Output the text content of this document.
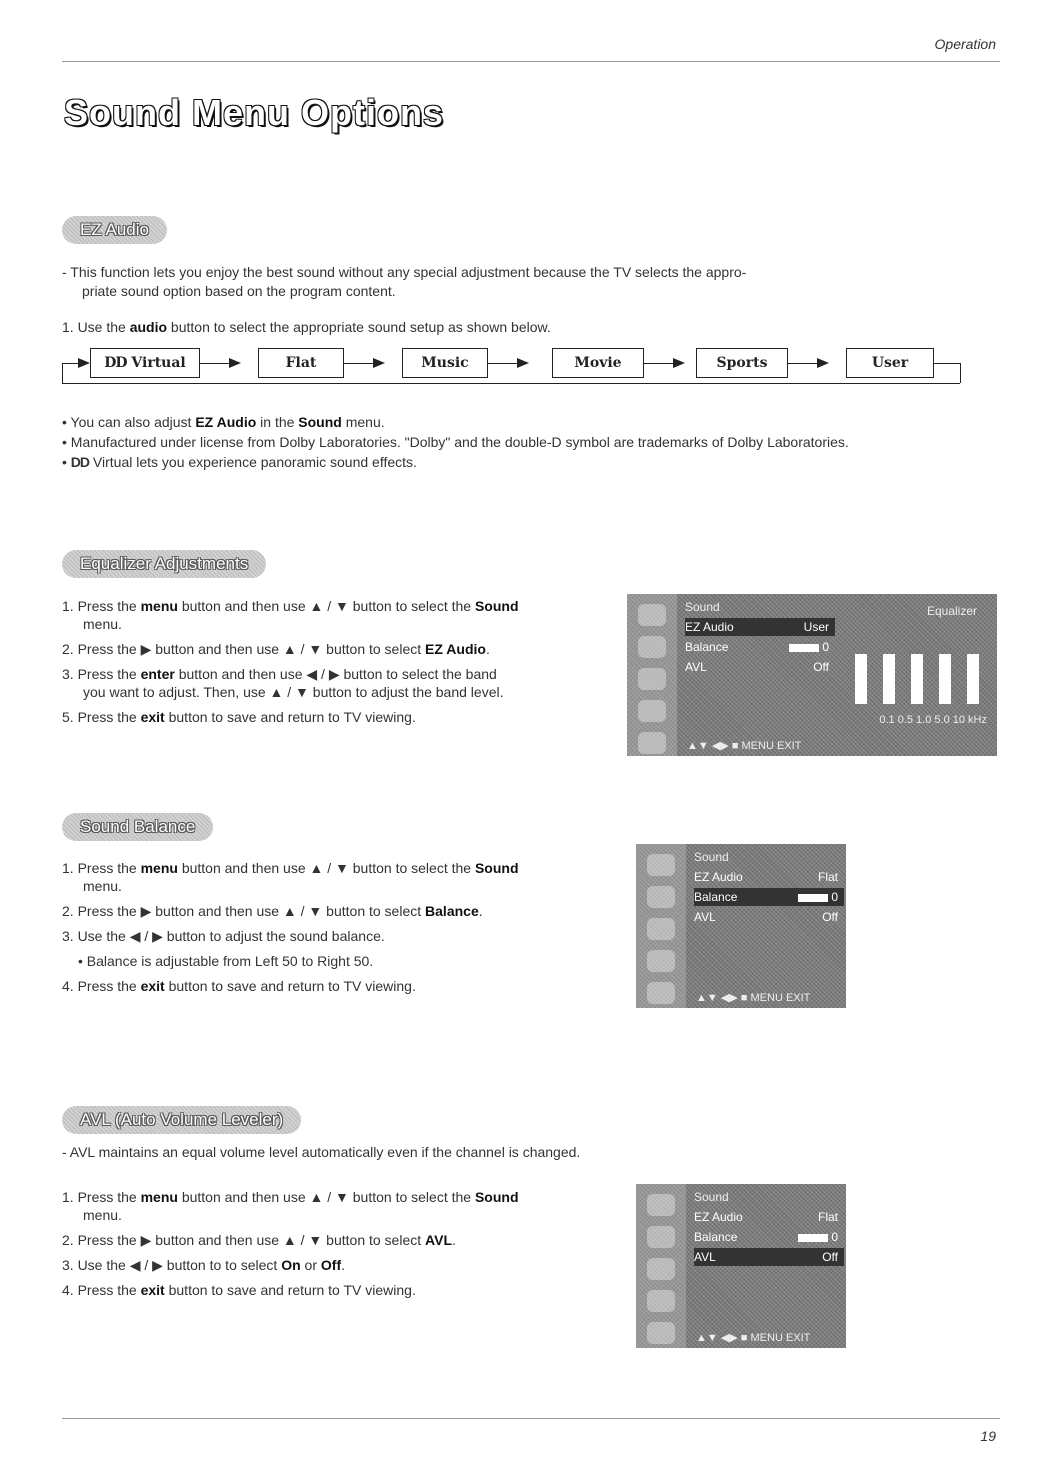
Operation
Sound Menu Options
EZ Audio
- This function lets you enjoy the best sound without any special adjustment because the TV selects the appro-
priate sound option based on the program content.
1. Use the audio button to select the appropriate sound setup as shown below.
DD Virtual	Flat	Music	Movie	Sports	User
• You can also adjust EZ Audio in the Sound menu.
• Manufactured under license from Dolby Laboratories. "Dolby" and the double-D symbol are trademarks of Dolby Laboratories.
• DD Virtual lets you experience panoramic sound effects.
Equalizer Adjustments
1. Press the menu button and then use ▲ / ▼ button to select the Sound
menu.
2. Press the ▶ button and then use ▲ / ▼ button to select EZ Audio.
3. Press the enter button and then use ◀ / ▶ button to select the band
you want to adjust. Then, use ▲ / ▼ button to adjust the band level.
5. Press the exit button to save and return to TV viewing.
Sound
EZ Audio	User
Balance	0
AVL	Off
Equalizer
0.1 0.5 1.0 5.0 10 kHz
▲▼ ◀▶ ■ MENU EXIT
Sound Balance
1. Press the menu button and then use ▲ / ▼ button to select the Sound
menu.
2. Press the ▶ button and then use ▲ / ▼ button to select Balance.
3. Use the ◀ / ▶ button to adjust the sound balance.
• Balance is adjustable from Left 50 to Right 50.
4. Press the exit button to save and return to TV viewing.
Sound
EZ Audio	Flat
Balance	0
AVL	Off
▲▼ ◀▶ ■ MENU EXIT
AVL (Auto Volume Leveler)
- AVL maintains an equal volume level automatically even if the channel is changed.
1. Press the menu button and then use ▲ / ▼ button to select the Sound
menu.
2. Press the ▶ button and then use ▲ / ▼ button to select AVL.
3. Use the ◀ / ▶ button to to select On or Off.
4. Press the exit button to save and return to TV viewing.
Sound
EZ Audio	Flat
Balance	0
AVL	Off
▲▼ ◀▶ ■ MENU EXIT
19
